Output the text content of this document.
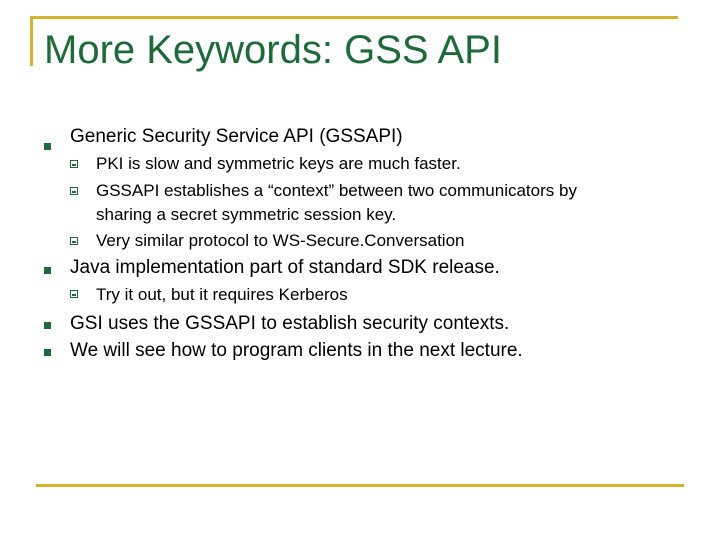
More Keywords: GSS API
Generic Security Service API (GSSAPI)
PKI is slow and symmetric keys are much faster.
GSSAPI establishes a “context” between two communicators by
sharing a secret symmetric session key.
Very similar protocol to WS-Secure.Conversation
Java implementation part of standard SDK release.
Try it out, but it requires Kerberos
GSI uses the GSSAPI to establish security contexts.
We will see how to program clients in the next lecture.
